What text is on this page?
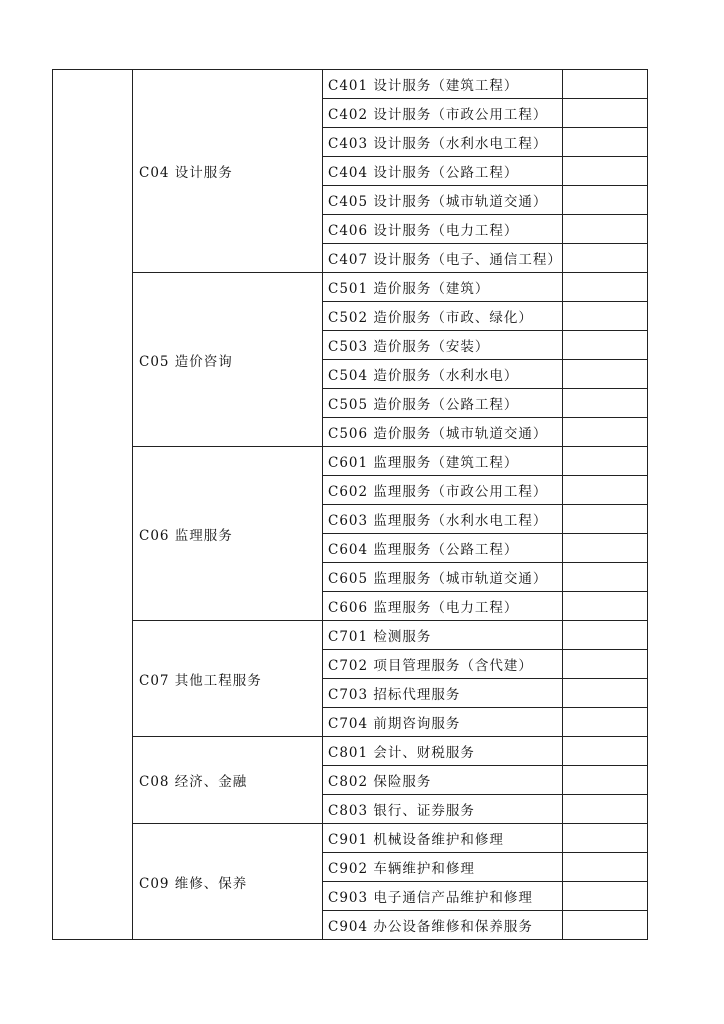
	C04 设计服务	C401 设计服务（建筑工程）	
		C402 设计服务（市政公用工程）	
		C403 设计服务（水利水电工程）	
		C404 设计服务（公路工程）	
		C405 设计服务（城市轨道交通）	
		C406 设计服务（电力工程）	
		C407 设计服务（电子、通信工程）	
	C05 造价咨询	C501 造价服务（建筑）	
		C502 造价服务（市政、绿化）	
		C503 造价服务（安装）	
		C504 造价服务（水利水电）	
		C505 造价服务（公路工程）	
		C506 造价服务（城市轨道交通）	
	C06 监理服务	C601 监理服务（建筑工程）	
		C602 监理服务（市政公用工程）	
		C603 监理服务（水利水电工程）	
		C604 监理服务（公路工程）	
		C605 监理服务（城市轨道交通）	
		C606 监理服务（电力工程）	
	C07 其他工程服务	C701 检测服务	
		C702 项目管理服务（含代建）	
		C703 招标代理服务	
		C704 前期咨询服务	
	C08 经济、金融	C801 会计、财税服务	
		C802 保险服务	
		C803 银行、证券服务	
	C09 维修、保养	C901 机械设备维护和修理	
		C902 车辆维护和修理	
		C903 电子通信产品维护和修理	
		C904 办公设备维修和保养服务	
